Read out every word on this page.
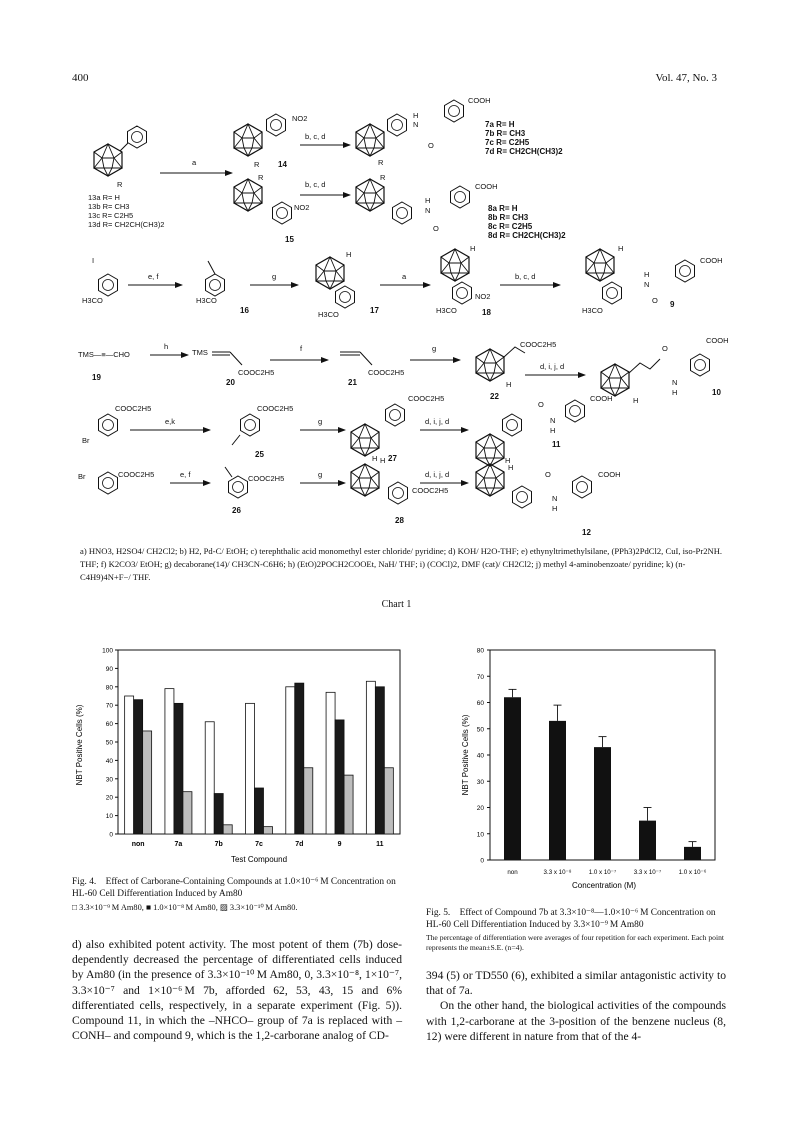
400	Vol. 47, No. 3
R
13a R= H
13b R= CH3
13c R= C2H5
13d R= CH2CH(CH3)2
a
NO2
R 14
b, c, d
R
NO2
15
b, c, d
H
N
O
COOH
R
7a R= H
7b R= CH3
7c R= C2H5
7d R= CH2CH(CH3)2
R
H
N
O
COOH
8a R= H
8b R= CH3
8c R= C2H5
8d R= CH2CH(CH3)2
I
H3CO
e, f
H3CO
16
g
H
H3CO	17
a
H
NO2
H3CO	18
b, c, d
H
H3CO
H
N
O
COOH
9
TMS—≡—CHO
19
h
TMS
COOC2H5
20
f
COOC2H5
21
g	COOC2H5
H
22
d, i, j, d
O
N
H
H
COOH
10
COOC2H5
Br
e,k
COOC2H5
25
g
COOC2H5
H 27
d, i, j, d
H
O
N
H
COOH
11
Br	COOC2H5	e, f	COOC2H5
26
g
H
COOC2H5
28
d, i, j, d
H
O
N
H
COOH
12
a) HNO3, H2SO4/ CH2Cl2; b) H2, Pd-C/ EtOH; c) terephthalic acid monomethyl ester chloride/ pyridine; d) KOH/ H2O-THF; e) ethynyltrimethylsilane, (PPh3)2PdCl2, CuI, iso-Pr2NH. THF; f) K2CO3/ EtOH; g) decaborane(14)/ CH3CN-C6H6; h) (EtO)2POCH2COOEt, NaH/ THF; i) (COCl)2, DMF (cat)/ CH2Cl2; j) methyl 4-aminobenzoate/ pyridine; k) (n-C4H9)4N+F−/ THF.
Chart 1
0
10
20
30
40
50
60
70
80
90
100
non	7a	7b	7c	7d	9	11
NBT Positive Cells (%)
Test Compound
Fig. 4. Effect of Carborane-Containing Compounds at 1.0×10⁻⁶ M Concentration on HL-60 Cell Differentiation Induced by Am80
□ 3.3×10⁻⁹ M Am80, ■ 1.0×10⁻⁸ M Am80, ▨ 3.3×10⁻¹⁰ M Am80.
0
10
20
30
40
50
60
70
80
non	3.3 x 10⁻⁸	1.0 x 10⁻⁷	3.3 x 10⁻⁷	1.0 x 10⁻⁶
NBT Positive Cells (%)
Concentration (M)
Fig. 5. Effect of Compound 7b at 3.3×10⁻⁸—1.0×10⁻⁶ M Concentration on HL-60 Cell Differentiation Induced by 3.3×10⁻⁹ M Am80
The percentage of differentiation were averages of four repetition for each experiment. Each point represents the mean±S.E. (n=4).

d) also exhibited potent activity. The most potent of them (7b) dose-dependently decreased the percentage of differentiated cells induced by Am80 (in the presence of 3.3×10⁻¹⁰ M Am80, 0, 3.3×10⁻⁸, 1×10⁻⁷, 3.3×10⁻⁷ and 1×10⁻⁶ M 7b, afforded 62, 53, 43, 15 and 6% differentiated cells, respectively, in a separate experiment (Fig. 5)). Compound 11, in which the –NHCO– group of 7a is replaced with –CONH– and compound 9, which is the 1,2-carborane analog of CD-

394 (5) or TD550 (6), exhibited a similar antagonistic activity to that of 7a.

On the other hand, the biological activities of the compounds with 1,2-carborane at the 3-position of the benzene nucleus (8, 12) were different in nature from that of the 4-
